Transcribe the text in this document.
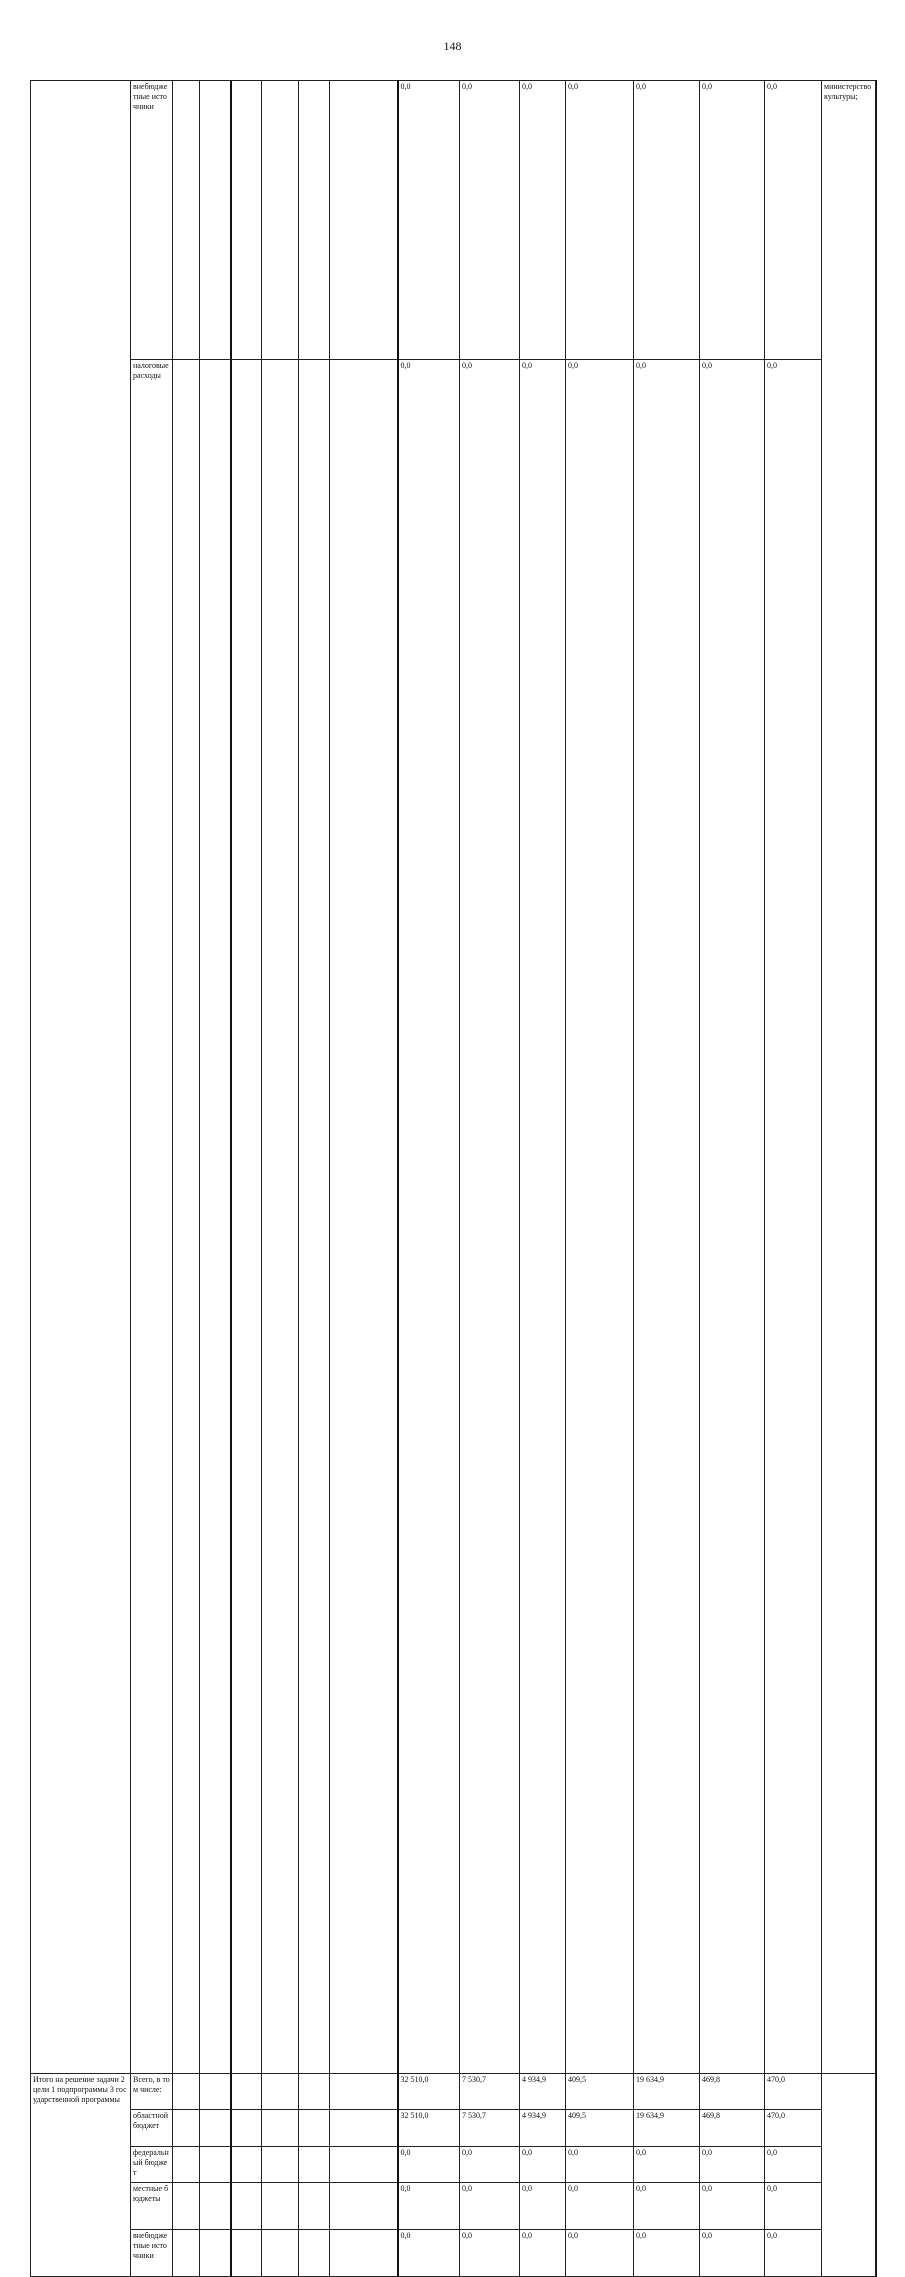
148
	внебюджетные источники							0,0	0,0	0,0	0,0	0,0	0,0	0,0	министерство культуры;	
	налоговые расходы							0,0	0,0	0,0	0,0	0,0	0,0	0,0		
Итого на решение задачи 2 цели 1 подпрограммы 3 государственной программы	Всего, в том числе:							32 510,0	7 530,7	4 934,9	409,5	19 634,9	469,8	470,0		
	областной бюджет							32 510,0	7 530,7	4 934,9	409,5	19 634,9	469,8	470,0		
	федеральный бюджет							0,0	0,0	0,0	0,0	0,0	0,0	0,0		
	местные бюджеты							0,0	0,0	0,0	0,0	0,0	0,0	0,0		
	внебюджетные источники							0,0	0,0	0,0	0,0	0,0	0,0	0,0		
